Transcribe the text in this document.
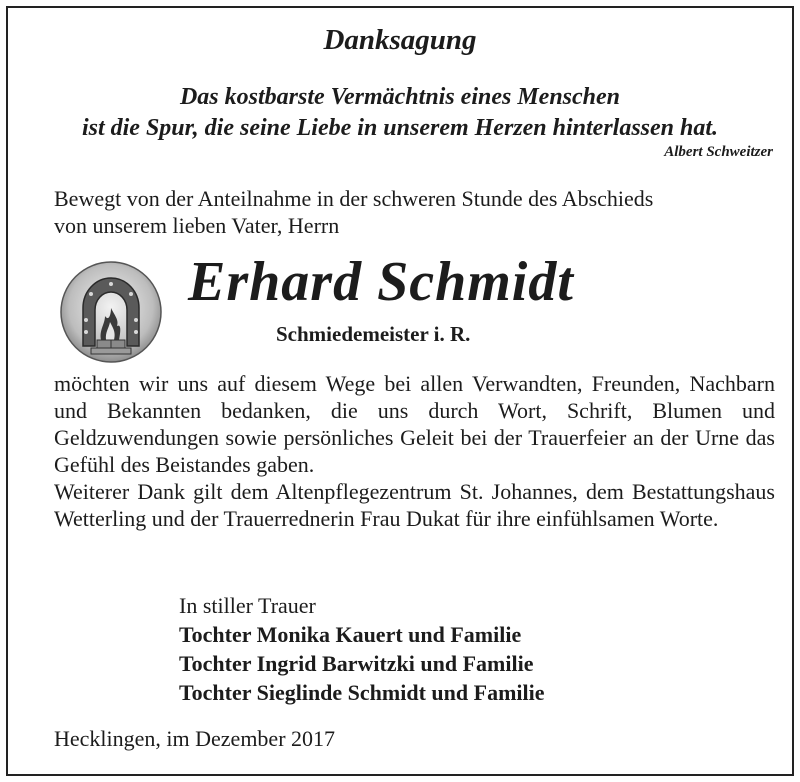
Danksagung
Das kostbarste Vermächtnis eines Menschen
ist die Spur, die seine Liebe in unserem Herzen hinterlassen hat.
Albert Schweitzer
Bewegt von der Anteilnahme in der schweren Stunde des Abschieds
von unserem lieben Vater, Herrn
Erhard Schmidt
Schmiedemeister i. R.

möchten wir uns auf diesem Wege bei allen Verwandten, Freunden, Nachbarn und Bekannten bedanken, die uns durch Wort, Schrift, Blumen und Geldzuwendungen sowie persönliches Geleit bei der Trauerfeier an der Urne das Gefühl des Beistandes gaben.

Weiterer Dank gilt dem Altenpflegezentrum St. Johannes, dem Bestattungshaus Wetterling und der Trauerrednerin Frau Dukat für ihre einfühlsamen Worte.

In stiller Trauer
Tochter Monika Kauert und Familie
Tochter Ingrid Barwitzki und Familie
Tochter Sieglinde Schmidt und Familie
Hecklingen, im Dezember 2017
